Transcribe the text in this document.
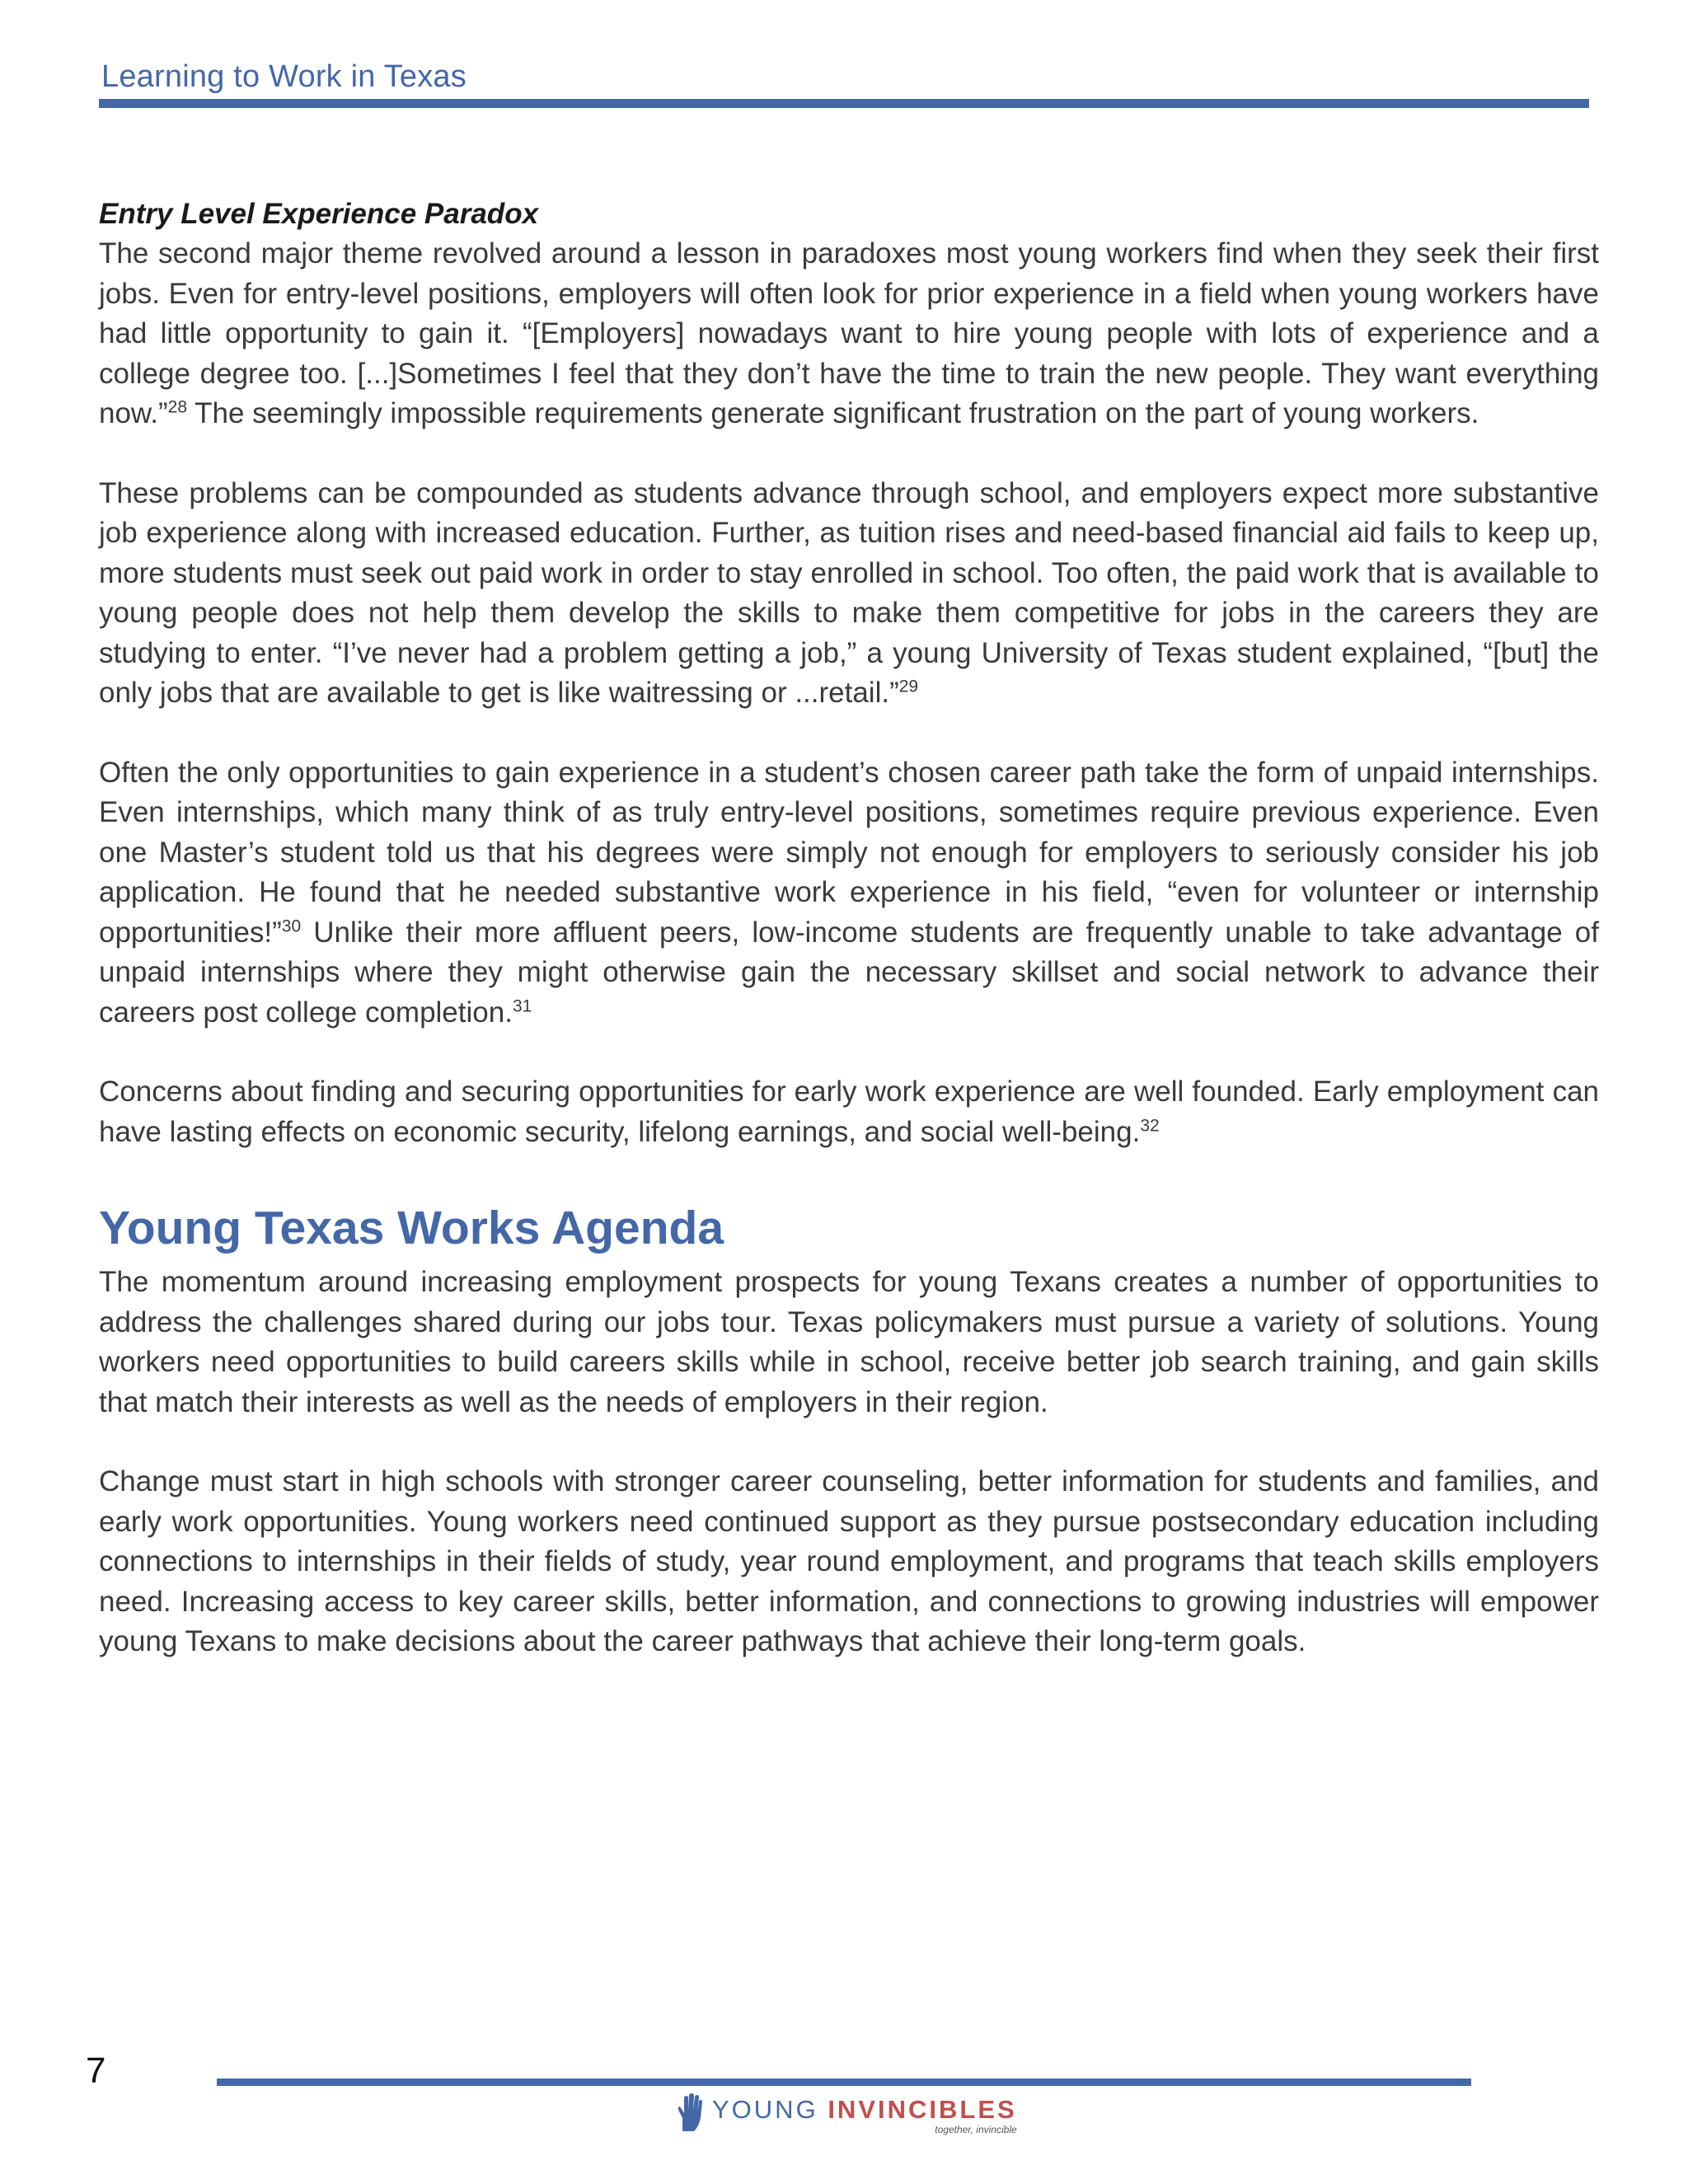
Learning to Work in Texas
Entry Level Experience Paradox

The second major theme revolved around a lesson in paradoxes most young workers find when they seek their first jobs. Even for entry-level positions, employers will often look for prior experience in a field when young workers have had little opportunity to gain it. “[Employers] nowadays want to hire young people with lots of experience and a college degree too. [...]Sometimes I feel that they don’t have the time to train the new people. They want everything now.”$^{28}$ The seemingly impossible requirements generate significant frustration on the part of young workers.

These problems can be compounded as students advance through school, and employers expect more substantive job experience along with increased education. Further, as tuition rises and need-based financial aid fails to keep up, more students must seek out paid work in order to stay enrolled in school. Too often, the paid work that is available to young people does not help them develop the skills to make them competitive for jobs in the careers they are studying to enter. “I’ve never had a problem getting a job,” a young University of Texas student explained, “[but] the only jobs that are available to get is like waitressing or ...retail.”$^{29}$

Often the only opportunities to gain experience in a student’s chosen career path take the form of unpaid internships. Even internships, which many think of as truly entry-level positions, sometimes require previous experience. Even one Master’s student told us that his degrees were simply not enough for employers to seriously consider his job application. He found that he needed substantive work experience in his field, “even for volunteer or internship opportunities!”$^{30}$ Unlike their more affluent peers, low-income students are frequently unable to take advantage of unpaid internships where they might otherwise gain the necessary skillset and social network to advance their careers post college completion.$^{31}$

Concerns about finding and securing opportunities for early work experience are well founded. Early employment can have lasting effects on economic security, lifelong earnings, and social well-being.$^{32}$

Young Texas Works Agenda

The momentum around increasing employment prospects for young Texans creates a number of opportunities to address the challenges shared during our jobs tour. Texas policymakers must pursue a variety of solutions. Young workers need opportunities to build careers skills while in school, receive better job search training, and gain skills that match their interests as well as the needs of employers in their region.

Change must start in high schools with stronger career counseling, better information for students and families, and early work opportunities. Young workers need continued support as they pursue postsecondary education including connections to internships in their fields of study, year round employment, and programs that teach skills employers need. Increasing access to key career skills, better information, and connections to growing industries will empower young Texans to make decisions about the career pathways that achieve their long-term goals.

7
YOUNG INVINCIBLES
together, invincible
